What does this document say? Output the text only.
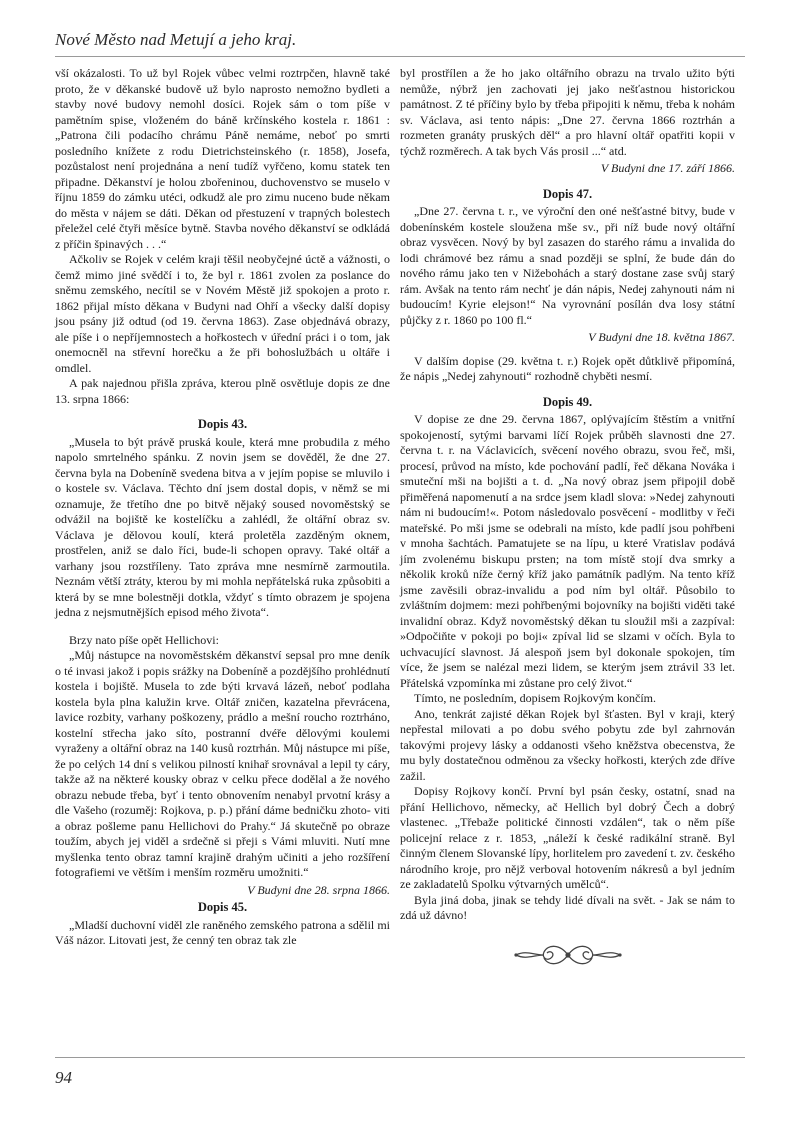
Nové Město nad Metují a jeho kraj.

vší okázalosti. To už byl Rojek vůbec velmi roztrpčen, hlavně také proto, že v děkanské budově už bylo naprosto nemožno bydleti a stavby nové budovy nemohl dosíci. Rojek sám o tom píše v pamětním spise, vloženém do báně krčínského kostela r. 1861 :„Patrona čili podacího chrámu Páně nemáme, neboť po smrti posledního knížete z rodu Dietrichsteinského (r. 1858), Josefa, pozůstalost není projednána a není tudíž vyřčeno, komu statek ten připadne. Děkanství je holou zbořeninou, duchovenstvo se muselo v říjnu 1859 do zámku utéci, odkudž ale pro zimu nuceno bude někam do města v nájem se dáti. Děkan od přestuzení v trapných bolestech přeležel celé čtyři měsíce bytně. Stavba nového děkanství se odkládá z příčin špinavých . . .“

Ačkoliv se Rojek v celém kraji těšil neobyčejné úctě a vážnosti, o čemž mimo jiné svědčí i to, že byl r. 1861 zvolen za poslance do sněmu zemského, necítil se v Novém Městě již spokojen a proto r. 1862 přijal místo děkana v Budyni nad Ohří a všecky další dopisy jsou psány již odtud (od 19. června 1863). Zase objednává obrazy, ale píše i o nepříjemnostech a hořkostech v úřední práci i o tom, jak onemocněl na střevní horečku a že při bohoslužbách u oltáře i omdlel.

A pak najednou přišla zpráva, kterou plně osvětluje dopis ze dne 13. srpna 1866:

Dopis 43.

„Musela to být právě pruská koule, která mne probudila z mého napolo smrtelného spánku. Z novin jsem se dověděl, že dne 27. června byla na Dobeníně svedena bitva a v jejím popise se mluvilo i o kostele sv. Václava. Těchto dní jsem dostal dopis, v němž se mi oznamuje, že třetího dne po bitvě nějaký soused novoměstský se odvážil na bojiště ke kostelíčku a zahlédl, že oltářní obraz sv. Václava je dělovou koulí, která proletěla zazděným oknem, prostřelen, aniž se dalo říci, bude-li schopen opravy. Také oltář a varhany jsou rozstříleny. Tato zpráva mne nesmírně zarmoutila. Neznám větší ztráty, kterou by mi mohla nepřátelská ruka způsobiti a která by se mne bolestněji dotkla, vždyť s tímto obrazem je spojena jedna z nejsmutnějších episod mého života“.

Brzy nato píše opět Hellichovi:

„Můj nástupce na novoměstském děkanství sepsal pro mne deník o té invasi jakož i popis srážky na Dobeníně a pozdějšího prohlédnutí kostela i bojiště. Musela to zde býti krvavá lázeň, neboť podlaha kostela byla plna kalužin krve. Oltář zničen, kazatelna převrácena, lavice rozbity, varhany poškozeny, prádlo a mešní roucho roztrháno, kostelní střecha jako síto, postranní dvéře dělovými koulemi vyraženy a oltářní obraz na 140 kusů roztrhán. Můj nástupce mi píše, že po celých 14 dní s velikou pilností knihař srovnával a lepil ty cáry, takže až na některé kousky obraz v celku přece dodělal a že nového obrazu nebude třeba, byť i tento obnovením nenabyl prvotní krásy a dle Vašeho (rozuměj: Rojkova, p. p.) přání dáme bedničku zhoto- viti a obraz pošleme panu Hellichovi do Prahy.“ Já skutečně po obraze toužím, abych jej viděl a srdečně si přeji s Vámi mluviti. Nutí mne myšlenka tento obraz tamní krajině drahým učiniti a jeho rozšíření fotografiemi ve větším i menším rozměru umožniti.“

V Budyni dne 28. srpna 1866.

Dopis 45.

„Mladší duchovní viděl zle raněného zemského patrona a sdělil mi Váš názor. Litovati jest, že cenný ten obraz tak zle

byl prostřílen a že ho jako oltářního obrazu na trvalo užito býti nemůže, nýbrž jen zachovati jej jako nešťastnou historickou památnost. Z té příčiny bylo by třeba připojiti k němu, třeba k nohám sv. Václava, asi tento nápis: „Dne 27. června 1866 roztrhán a rozmeten granáty pruských děl“ a pro hlavní oltář opatřiti kopii v týchž rozměrech. A tak bych Vás prosil ...“ atd.

V Budyni dne 17. září 1866.

Dopis 47.

„Dne 27. června t. r., ve výroční den oné nešťastné bitvy, bude v dobenínském kostele sloužena mše sv., při níž bude nový oltářní obraz vysvěcen. Nový by byl zasazen do starého rámu a invalida do lodi chrámové bez rámu a snad později se splní, že bude dán do nového rámu jako ten v Nižebohách a starý dostane zase svůj starý rám. Avšak na tento rám nechť je dán nápis, Nedej zahynouti nám ni budoucím! Kyrie elejson!“ Na vyrovnání posílán dva losy státní půjčky z r. 1860 po 100 fl.“

V Budyni dne 18. května 1867.

V dalším dopise (29. května t. r.) Rojek opět důtklivě připomíná, že nápis „Nedej zahynouti“ rozhodně chyběti nesmí.

Dopis 49.

V dopise ze dne 29. června 1867, oplývajícím štěstím a vnitřní spokojeností, sytými barvami líčí Rojek průběh slavnosti dne 27. června t. r. na Václavicích, svěcení nového obrazu, svou řeč, mši, procesí, průvod na místo, kde pochování padlí, řeč děkana Nováka i smuteční mši na bojišti a t. d. „Na nový obraz jsem připojil době přiměřená napomenutí a na srdce jsem kladl slova: »Nedej zahynouti nám ni budoucím!«. Potom následovalo posvěcení - modlitby v řeči mateřské. Po mši jsme se odebrali na místo, kde padlí jsou pohřbeni v mnoha šachtách. Pamatujete se na lípu, u které Vratislav podává jím zvolenému biskupu prsten; na tom místě stojí dva smrky a několik kroků níže černý kříž jako památník padlým. Na tento kříž jsme zavěsili obraz-invalidu a pod ním byl oltář. Působilo to zvláštním dojmem: mezi pohřbenými bojovníky na bojišti viděti také invalidní obraz. Když novoměstský děkan tu sloužil mši a zazpíval: »Odpočiňte v pokoji po boji« zpíval lid se slzami v očích. Byla to uchvacující slavnost. Já alespoň jsem byl dokonale spokojen, tím více, že jsem se nalézal mezi lidem, se kterým jsem ztrávil 33 let. Přátelská vzpomínka mi zůstane pro celý život.“

Tímto, ne posledním, dopisem Rojkovým končím.

Ano, tenkrát zajisté děkan Rojek byl šťasten. Byl v kraji, který nepřestal milovati a po dobu svého pobytu zde byl zahrnován takovými projevy lásky a oddanosti všeho kněžstva obecenstva, že mu byly dostatečnou odměnou za všecky hořkosti, kterých zde dříve zažil.

Dopisy Rojkovy končí. První byl psán česky, ostatní, snad na přání Hellichovo, německy, ač Hellich byl dobrý Čech a dobrý vlastenec. „Třebaže politické činnosti vzdálen“, tak o něm píše policejní relace z r. 1853, „náleží k české radikální straně. Byl činným členem Slovanské lípy, horlitelem pro zavedení t. zv. českého národního kroje, pro nějž verboval hotovením nákresů a byl jedním ze zakladatelů Spolku výtvarných umělců“.

Byla jiná doba, jinak se tehdy lidé dívali na svět. - Jak se nám to zdá už dávno!

94
